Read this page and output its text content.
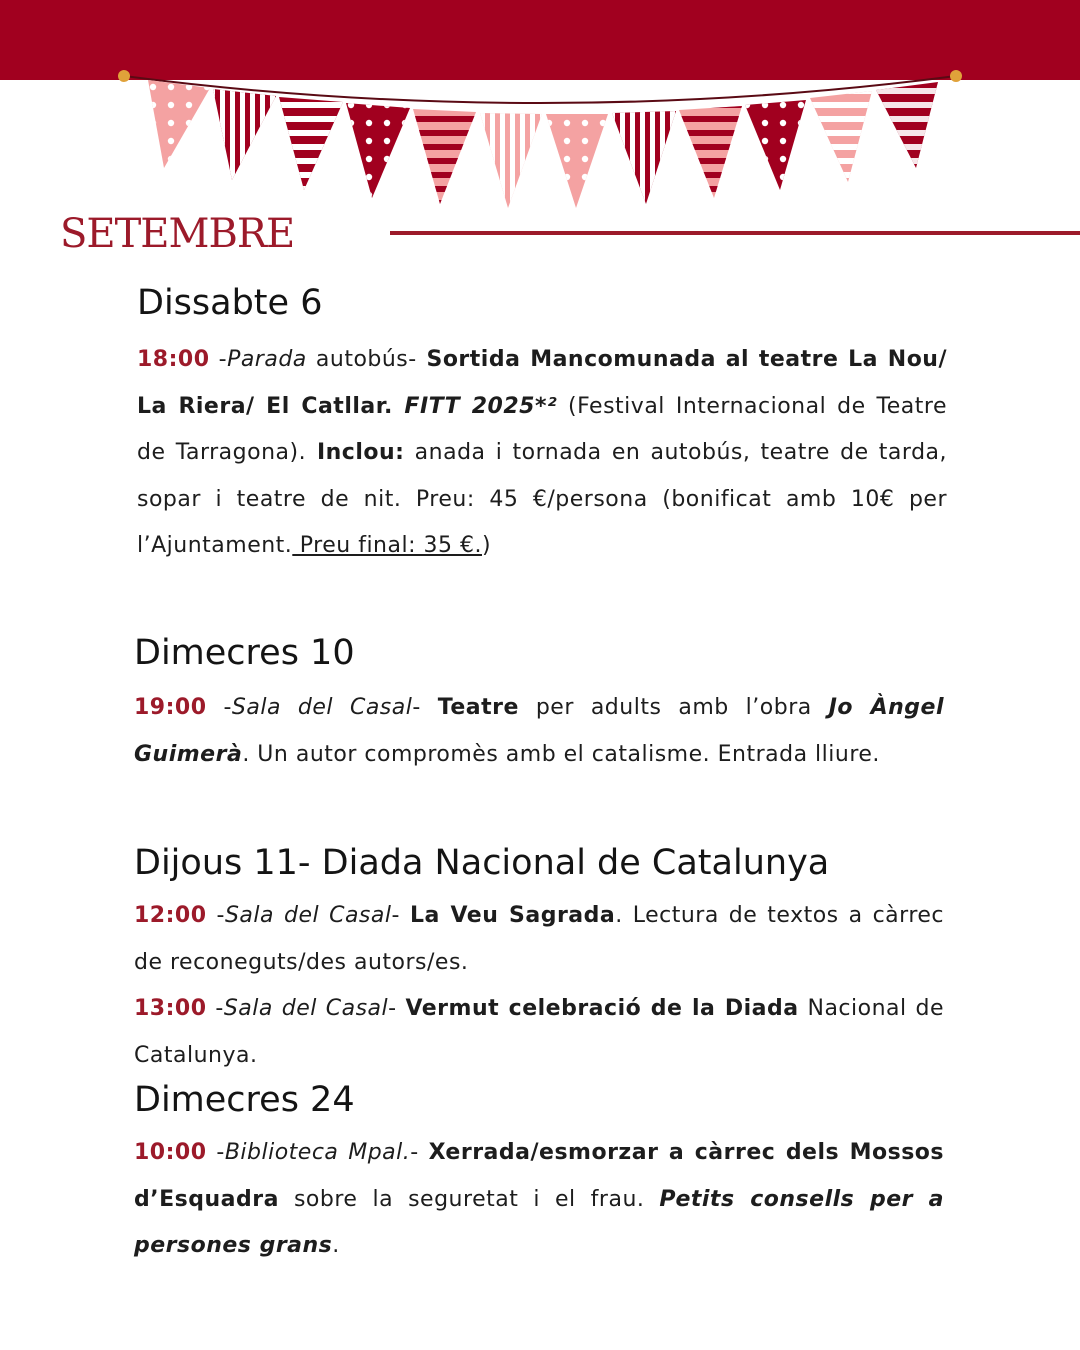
SETEMBRE
Dissabte 6

18:00 -Parada autobús- Sortida Mancomunada al teatre La Nou/ La Riera/ El Catllar. FITT 2025*² (Festival Internacional de Teatre de Tarragona). Inclou: anada i tornada en autobús, teatre de tarda, sopar i teatre de nit. Preu: 45 €/persona (bonificat amb 10€ per l’Ajuntament. Preu final: 35 €.)

Dimecres 10

19:00 -Sala del Casal- Teatre per adults amb l’obra Jo Àngel Guimerà. Un autor compromès amb el catalisme. Entrada lliure.

Dijous 11- Diada Nacional de Catalunya

12:00 -Sala del Casal- La Veu Sagrada. Lectura de textos a càrrec de reconeguts/des autors/es.

13:00 -Sala del Casal- Vermut celebració de la Diada Nacional de Catalunya.

Dimecres 24

10:00 -Biblioteca Mpal.- Xerrada/esmorzar a càrrec dels Mossos d’Esquadra sobre la seguretat i el frau. Petits consells per a persones grans.
